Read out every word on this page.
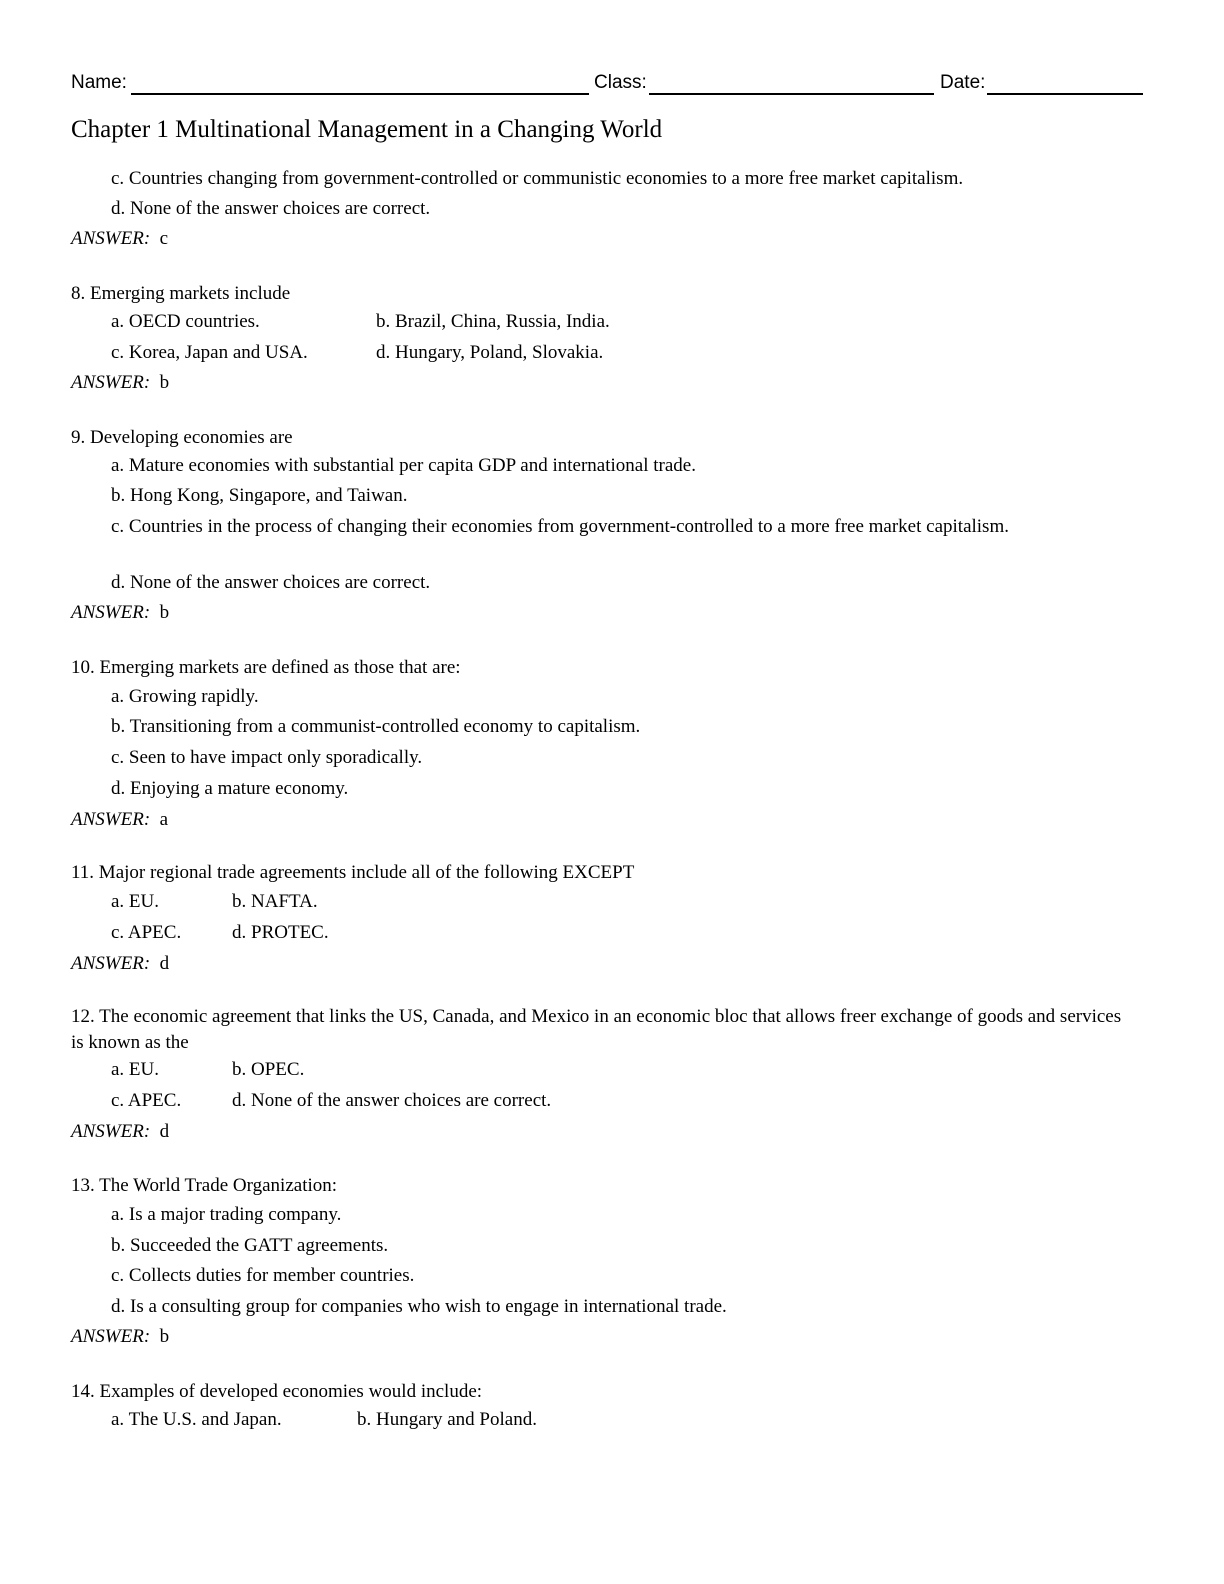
Name:	Class:	Date:
Chapter 1 Multinational Management in a Changing World
c. Countries changing from government-controlled or communistic economies to a more free market capitalism.
d. None of the answer choices are correct.
ANSWER: c
8. Emerging markets include
a. OECD countries.	b. Brazil, China, Russia, India.
c. Korea, Japan and USA.	d. Hungary, Poland, Slovakia.
ANSWER: b
9. Developing economies are
a. Mature economies with substantial per capita GDP and international trade.
b. Hong Kong, Singapore, and Taiwan.
c. Countries in the process of changing their economies from government-controlled to a more free market capitalism.
d. None of the answer choices are correct.
ANSWER: b
10. Emerging markets are defined as those that are:
a. Growing rapidly.
b. Transitioning from a communist-controlled economy to capitalism.
c. Seen to have impact only sporadically.
d. Enjoying a mature economy.
ANSWER: a
11. Major regional trade agreements include all of the following EXCEPT
a. EU.	b. NAFTA.
c. APEC.	d. PROTEC.
ANSWER: d
12. The economic agreement that links the US, Canada, and Mexico in an economic bloc that allows freer exchange of goods and services is known as the
a. EU.	b. OPEC.
c. APEC.	d. None of the answer choices are correct.
ANSWER: d
13. The World Trade Organization:
a. Is a major trading company.
b. Succeeded the GATT agreements.
c. Collects duties for member countries.
d. Is a consulting group for companies who wish to engage in international trade.
ANSWER: b
14. Examples of developed economies would include:
a. The U.S. and Japan.	b. Hungary and Poland.
